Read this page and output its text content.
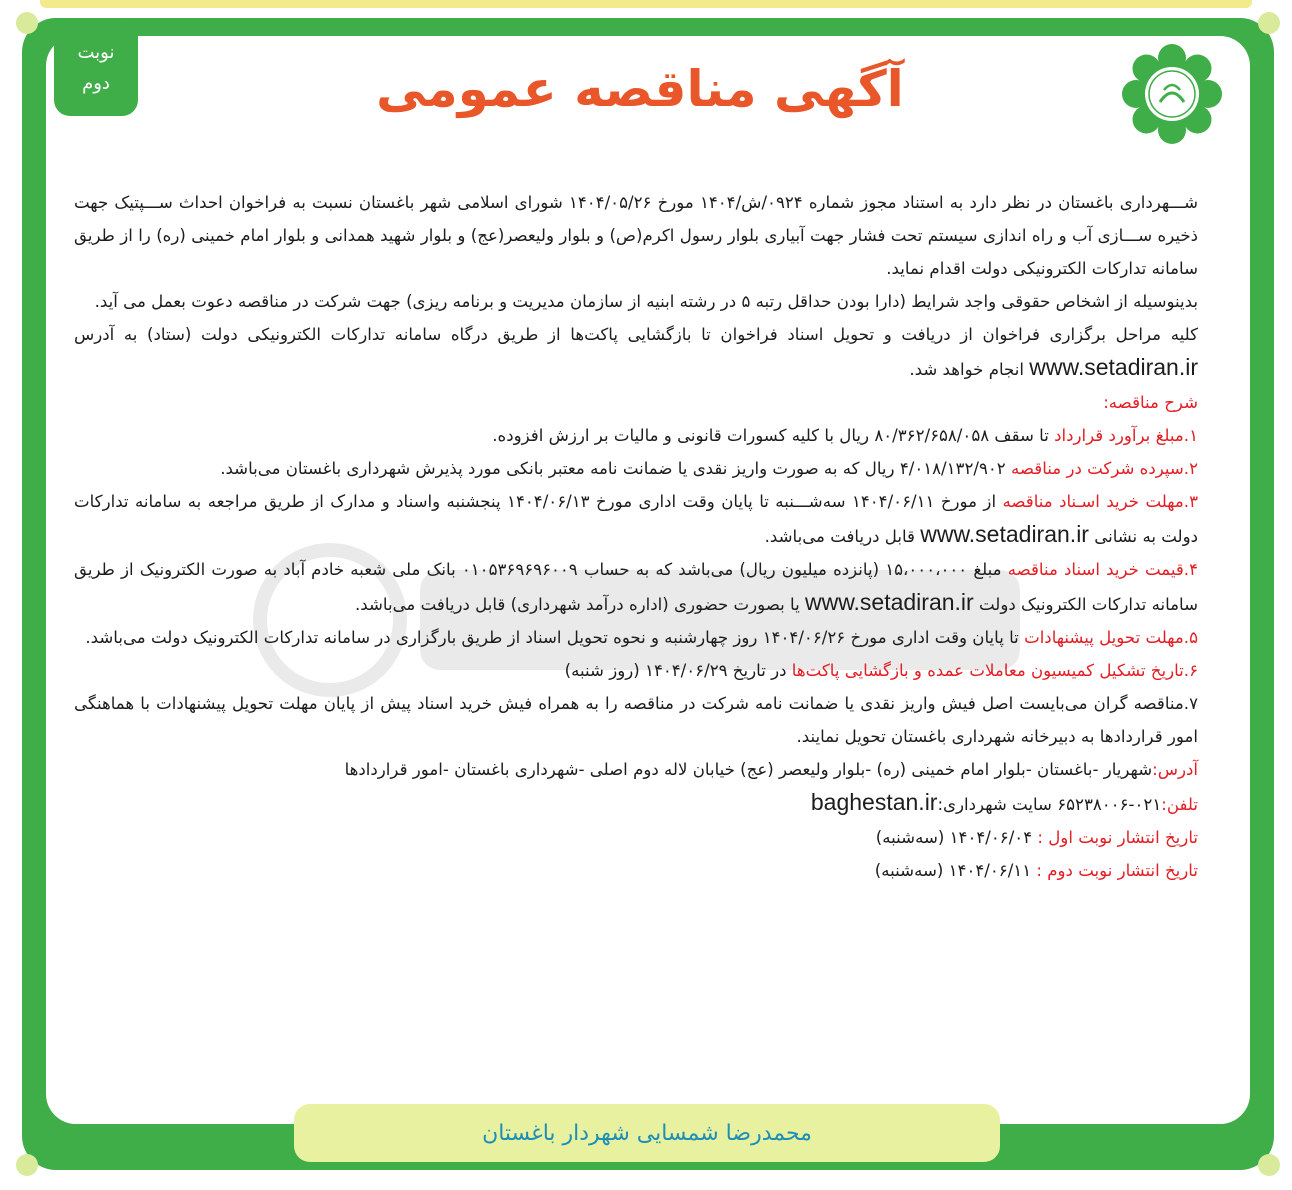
نوبت
دوم	آگهی مناقصه عمومی

شـــهرداری باغستان در نظر دارد به استناد مجوز شماره ۰۹۲۴/ش/۱۴۰۴ مورخ ۱۴۰۴/۰۵/۲۶ شورای اسلامی شهر باغستان نسبت به فراخوان احداث ســـپتیک جهت ذخیره ســـازی آب و راه اندازی سیستم تحت فشار جهت آبیاری بلوار رسول اکرم(ص) و بلوار ولیعصر(عج) و بلوار شهید همدانی و بلوار امام خمینی (ره) را از طریق سامانه تدارکات الکترونیکی دولت اقدام نماید.

بدینوسیله از اشخاص حقوقی واجد شرایط (دارا بودن حداقل رتبه ۵ در رشته ابنیه از سازمان مدیریت و برنامه ریزی) جهت شرکت در مناقصه دعوت بعمل می آید.

کلیه مراحل برگزاری فراخوان از دریافت و تحویل اسناد فراخوان تا بازگشایی پاکت‌ها از طریق درگاه سامانه تدارکات الکترونیکی دولت (ستاد) به آدرس www.setadiran.ir انجام خواهد شد.

شرح مناقصه:

۱.مبلغ برآورد قرارداد تا سقف ۸۰/۳۶۲/۶۵۸/۰۵۸ ریال با کلیه کسورات قانونی و مالیات بر ارزش افزوده.

۲.سپرده شرکت در مناقصه ۴/۰۱۸/۱۳۲/۹۰۲ ریال که به صورت واریز نقدی یا ضمانت نامه معتبر بانکی مورد پذیرش شهرداری باغستان می‌باشد.

۳.مهلت خرید اسـناد مناقصه از مورخ ۱۴۰۴/۰۶/۱۱ سه‌شـــنبه تا پایان وقت اداری مورخ ۱۴۰۴/۰۶/۱۳ پنجشنبه واسناد و مدارک از طریق مراجعه به سامانه تدارکات دولت به نشانی www.setadiran.ir قابل دریافت می‌باشد.

۴.قیمت خرید اسناد مناقصه مبلغ ۱۵،۰۰۰،۰۰۰ (پانزده میلیون ریال) می‌باشد که به حساب ۰۱۰۵۳۶۹۶۹۶۰۰۹ بانک ملی شعبه خادم آباد به صورت الکترونیک از طریق سامانه تدارکات الکترونیک دولت www.setadiran.ir یا بصورت حضوری (اداره درآمد شهرداری) قابل دریافت می‌باشد.

۵.مهلت تحویل پیشنهادات تا پایان وقت اداری مورخ ۱۴۰۴/۰۶/۲۶ روز چهارشنبه و نحوه تحویل اسناد از طریق بارگزاری در سامانه تدارکات الکترونیک دولت می‌باشد.

۶.تاریخ تشکیل کمیسیون معاملات عمده و بازگشایی پاکت‌ها در تاریخ ۱۴۰۴/۰۶/۲۹ (روز شنبه)

۷.مناقصه گران می‌بایست اصل فیش واریز نقدی یا ضمانت نامه شرکت در مناقصه را به همراه فیش خرید اسناد پیش از پایان مهلت تحویل پیشنهادات با هماهنگی امور قراردادها به دبیرخانه شهرداری باغستان تحویل نمایند.

آدرس:شهریار -باغستان -بلوار امام خمینی (ره) -بلوار ولیعصر (عج) خیابان لاله دوم اصلی -شهرداری باغستان -امور قراردادها

تلفن:۰۲۱-۶۵۲۳۸۰۰۶ سایت شهرداری:baghestan.ir

تاریخ انتشار نوبت اول : ۱۴۰۴/۰۶/۰۴ (سه‌شنبه)

تاریخ انتشار نوبت دوم : ۱۴۰۴/۰۶/۱۱ (سه‌شنبه)

محمدرضا شمسایی شهردار باغستان
